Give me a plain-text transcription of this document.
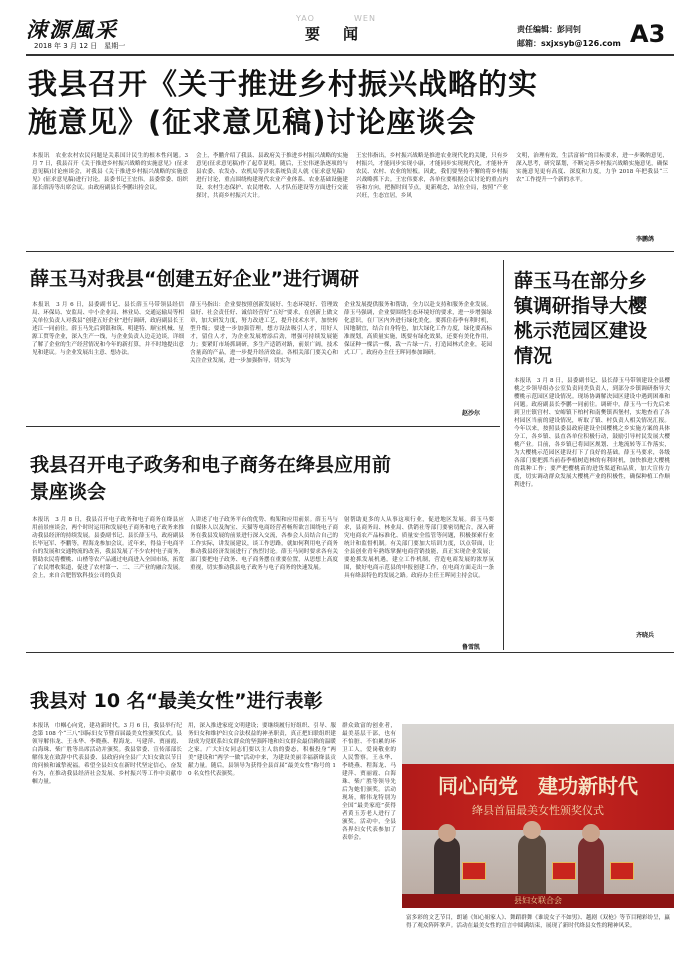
涑源風采
2018 年 3 月 12 日　星期一
YAO	WEN
要　闻	责任编辑：彭同钊
邮箱：sxjxsyb@126.com A3
我县召开《关于推进乡村振兴战略的实
施意见》(征求意见稿)讨论座谈会
本报讯　农业农村农民问题是关系国计民生的根本性问题。3 月 7 日，我县召开《关于推进乡村振兴战略的实施意见》(征求意见稿)讨论座谈会，对我县《关于推进乡村振兴战略的实施意见》(征求意见稿)进行讨论。县委书记王宏伟，县委常委、组织部长薛涛等出席会议。由政府副县长李鹏出持会议。
会上，李鹏介绍了我县、县政府关于推进乡村振兴战略的实施意见(征求意见稿)作了起草说明。随后，王宏伟逐条逐项的与县农委、农发办、农机局等涉农系统负责人就《征求意见稿》进行讨论，重点围绕构建现代农业产业体系、农业基础设施建设、农村生态保护、农民增收、人才队伍建设等方面进行交流探讨，共商乡村振兴大计。
王宏伟指出，乡村振兴战略是推进农业现代化的关键，只有乡村振兴，才能同步实现小康，才能同步实现现代化，才能补齐农民、农村、农业的短板。因此，我们要坚持不懈的将乡村振兴战略抓下去。王宏伟要求，各单位要根据会议讨论的重点内容和方向，把握时间节点，更新观念，站位全局，按照“产业兴旺，生态宜居，乡风
文明，治理有效，生活富裕”的目标要求，进一步吸纳意见，深入思考，研究谋划，不断完善乡村振兴战略实施意见，确保实施意见更有高度、深度和力度，力争 2018 年把我县“三农”工作提升一个新的水平。
李鹏鸽
薛玉马对我县“创建五好企业”进行调研
本报讯　3 月 6 日，县委副书记、县长薛玉马带领县经信局、环保局、安监局、中小企业局、林业局、交通运输局等相关单位负责人对我县“创建五好企业”进行调研，政府副县长王述江一同前往。薛玉马先后到银和筑、明建特、顺宝机械、星源工贸等企业，深入生产一线，与企业负责人边走边谈，详细了解了企业的生产经营情况和今年的新打算，并不时地提出意见和建议。与企业发展出主意、想办法。
薛玉马指出：企业要按照创新发展好、生态环境好、管理效益好、社会责任好、诚信经营好“五好”要求，在创新上做文章，加大研发力度，努力改进工艺，提升技术水平，加快转型升级；要进一步加强管理，想方设法吸引人才，用好人才，留住人才，为企业发展增添后劲，增强可持续发展能力；要紧盯市场抓调研，多生产适销对路，前景广阔，技术含量高的产品，进一步提升经济效益。各相关部门要关心和关注企业发展，进一步加强指导，切实为
企业发展提供服务和帮助，全力以赴支持和服务企业发展。薛玉马强调，企业要围绕生态环境好的要求，进一步增强绿化意识，在厂区内外进行绿化美化。要抓住春季有利时机，因地制宜，结合自身特色，加大绿化工作力度，绿化要高标准规划，高质量实施，既要有绿化效果，还要有美化作用，保证种一棵活一棵，栽一片绿一片，打造园林式企业，花园式工厂。政府办主任王晖同参加调研。
赵沙尔
薛玉马在部分乡
镇调研指导大樱
桃示范园区建设
情况
本报讯　3 月 8 日，县委副书记、县长薛玉马带领建设全县樱桃之乡领导组办公室负责同美负责人，到部分乡镇调研指导大樱桃示范园区建设情况。现场协调解决园区建设中遇到困难和问题。政府副县长李鹏一同前往。调研中，薛玉马一行先后来到卫庄镇宫村、安峪镇下柏村和南樊镇西堡村，实地查看了各村园区当前的建设情况，听取了镇、村负责人相关情况汇报。今年以来，按照县委县政府建设全国樱桃之乡实施方案的具体分工，各乡镇、县直各单位积极行动，鼓励引导村民发展大樱桃产业。目前，各乡镇已将园区规划、土地流转等工作落实，为大樱桃示范园区建设打下了良好的基础。薛玉马要求，各级各部门要把抓当前春季植树造林的有利时机，加快推进大樱桃的栽种工作；要严把樱桃苗的进货渠道和品质，加大宣传力度，切实调动群众发展大樱桃产业的积极性，确保种植工作顺利进行。
齐晓兵
我县召开电子政务和电子商务在绛县应用前
景座谈会
本报讯　3 月 8 日，我县召开电子政务和电子商务在绛县应用前景座谈会，两个时时运用和发展电子商务和电子政务来推动我县经济的持续发展。县委副书记、县长薛玉马，政府副县长毕冠军、李鹏等，程海龙参加会议。近年来，得益于电商平台的发展和交通物流的改善，我县发展了不少农村电子商务，帮助农民将樱桃、山楂等农产品通过电商进入全国市场，拓宽了农民增收渠道，促进了农村第一、二、三产业的融合发展。会上，来自合肥智软科技公司的负责
人讲述了电子政务平台的优势、构架和应用前景。薛玉马与自媒体人以及淘宝、天猫等电商经营者畅所欲言围绕电子商务在我县发展的前景进行深入交流，各参会人员结合自己的工作实际，讲发展建议，谈工作思路，就如何利用电子商务推动我县经济发展进行了热烈讨论。薛玉马同时要求各有关部门要把电子政务、电子商务摆在重要位置，从思想上高度重视，切实推动我县电子政务与电子商务的快速发展。
射帮助更多的人从事这项行业，促进地区发展。薛玉马要求，县商务局、林业局、供销社等部门要密切配合，深入研究电商农产品标准化、质量安全监管等问题，积极探索行业统计和监督机制。有关部门要加大培训力度，以点带面，让全县创业青年熟练掌握电商营销技能，真正实现企业发展；要抢抓发展机遇，建立工作机制，营造电商发展的浓厚氛围，做好电商示范县的申报创建工作，在电商方面走出一条具有绛县特色的发展之路。政府办主任王晖同主持会议。
鲁雪凯
我县对 10 名“最美女性”进行表彰
本报讯　巾帼心向党，建功新时代。3 月 6 日，我县举行纪念第 108 个“三八”国际妇女节暨首届最美女性颁奖仪式。县领导解伟龙、王永华、李晓燕、程海龙、马建萍、贾丽霞、白海珠、柴广胜等出席活动并颁奖。我县常委、宣传部部长解伟龙在致辞中代表县委、县政府向全县广大妇女致以节日的问候和诚挚祝福。希望全县妇女在新时代坚定信心，奋发有为，在推动我县经济社会发展、乡村振兴等工作中贡献巾帼力量。
用，深入推进家庭文明建设；要继续履行好组织、引导、服务妇女和维护妇女合法权益的神圣职责，真正把妇联组织建设成为党联系妇女群众的坚强阵地和妇女群众最信赖的温暖之家。广大妇女同志们要以主人翁的姿态，积极投身“两美”建设和“两学一做”活动中来，为建设美丽幸福新绛县贡献力量。随后，县领导为获得全县首届“最美女性”称号的 10 名女性代表颁奖。
群众致富的创业者，最美基层干部，也有不怕脏、不怕累的环卫工人，爱岗敬业的人民警察。王永华、李晓燕、程海龙、马建萍、贾丽霞、白海珠、柴广胜等领导先后为她们颁奖。活动现场，解伟龙特别为全国“最美家庭”获得者黄玉芳老人进行了颁奖。活动中，全县各界妇女代表参加了表彰会。
同心向党　建功新时代
绛县首届最美女性颁奖仪式
县妇女联合会
富多彩的文艺节目，朗诵《知心姐家人》、舞蹈群舞《谁说女子不如男》、越剧《双枪》等节目精彩纷呈，赢得了观众阵阵掌声。活动在最美女性的宣言中圆满结束，展现了新时代绛县女性的精神风采。
